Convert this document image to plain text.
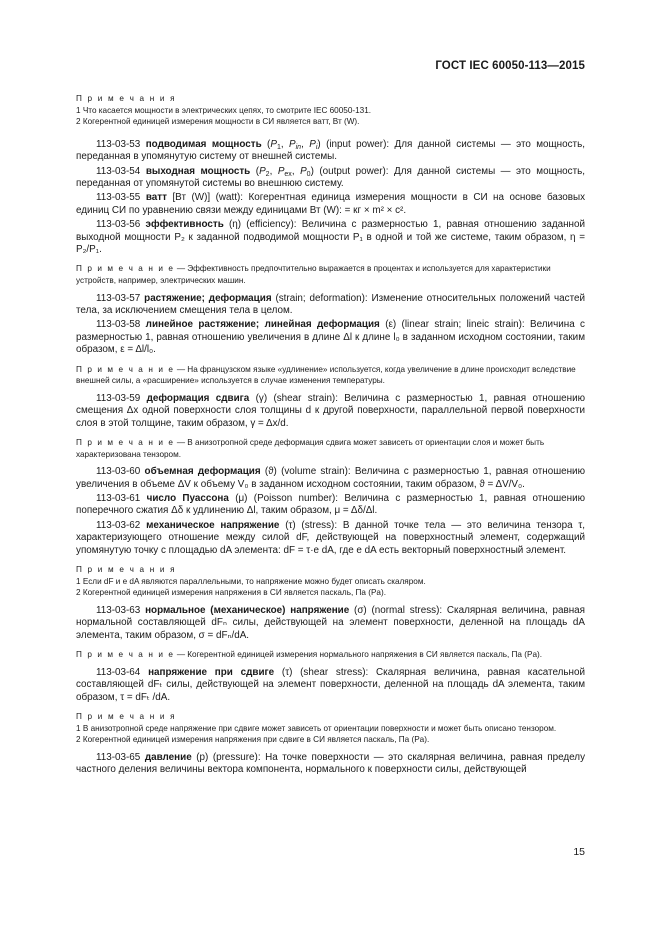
ГОСТ IEC 60050-113—2015

П р и м е ч а н и я

1 Что касается мощности в электрических цепях, то смотрите IEC 60050-131.

2 Когерентной единицей измерения мощности в СИ является ватт, Вт (W).

113-03-53 подводимая мощность ($P_1$, $P_{in}$, $P_i$) (input power): Для данной системы — это мощность, переданная в упомянутую систему от внешней системы.

113-03-54 выходная мощность ($P_2$, $P_{ex}$, $P_0$) (output power): Для данной системы — это мощность, переданная от упомянутой системы во внешнюю систему.

113-03-55 ватт [Вт (W)] (watt): Когерентная единица измерения мощности в СИ на основе базовых единиц СИ по уравнению связи между единицами Вт (W): = кг × m² × c².

113-03-56 эффективность (η) (efficiency): Величина с размерностью 1, равная отношению заданной выходной мощности P₂ к заданной подводимой мощности P₁ в одной и той же системе, таким образом, η = P₂/P₁.

П р и м е ч а н и е — Эффективность предпочтительно выражается в процентах и используется для характеристики устройств, например, электрических машин.

113-03-57 растяжение; деформация (strain; deformation): Изменение относительных положений частей тела, за исключением смещения тела в целом.

113-03-58 линейное растяжение; линейная деформация (ε) (linear strain; lineic strain): Величина с размерностью 1, равная отношению увеличения в длине Δl к длине l₀ в заданном исходном состоянии, таким образом, ε = Δl/l₀.

П р и м е ч а н и е — На французском языке «удлинение» используется, когда увеличение в длине происходит вследствие внешней силы, а «расширение» используется в случае изменения температуры.

113-03-59 деформация сдвига (γ) (shear strain): Величина с размерностью 1, равная отношению смещения Δx одной поверхности слоя толщины d к другой поверхности, параллельной первой поверхности слоя в этой толщине, таким образом, γ = Δx/d.

П р и м е ч а н и е — В анизотропной среде деформация сдвига может зависеть от ориентации слоя и может быть характеризована тензором.

113-03-60 объемная деформация (ϑ) (volume strain): Величина с размерностью 1, равная отношению увеличения в объеме ΔV к объему V₀ в заданном исходном состоянии, таким образом, ϑ = ΔV/V₀.

113-03-61 число Пуассона (μ) (Poisson number): Величина с размерностью 1, равная отношению поперечного сжатия Δδ к удлинению Δl, таким образом, μ = Δδ/Δl.

113-03-62 механическое напряжение (τ) (stress): В данной точке тела — это величина тензора τ, характеризующего отношение между силой dF, действующей на поверхностный элемент, содержащий упомянутую точку с площадью dA элемента: dF = τ·e dA, где e dA есть векторный поверхностный элемент.

П р и м е ч а н и я

1 Если dF и e dA являются параллельными, то напряжение можно будет описать скаляром.

2 Когерентной единицей измерения напряжения в СИ является паскаль, Па (Pa).

113-03-63 нормальное (механическое) напряжение (σ) (normal stress): Скалярная величина, равная нормальной составляющей dFₙ силы, действующей на элемент поверхности, деленной на площадь dA элемента, таким образом, σ = dFₙ/dA.

П р и м е ч а н и е — Когерентной единицей измерения нормального напряжения в СИ является паскаль, Па (Pa).

113-03-64 напряжение при сдвиге (τ) (shear stress): Скалярная величина, равная касательной составляющей dFₜ силы, действующей на элемент поверхности, деленной на площадь dA элемента, таким образом, τ = dFₜ /dA.

П р и м е ч а н и я

1 В анизотропной среде напряжение при сдвиге может зависеть от ориентации поверхности и может быть описано тензором.

2 Когерентной единицей измерения напряжения при сдвиге в СИ является паскаль, Па (Pa).

113-03-65 давление (p) (pressure): На точке поверхности — это скалярная величина, равная пределу частного деления величины вектора компонента, нормального к поверхности силы, действующей

15
